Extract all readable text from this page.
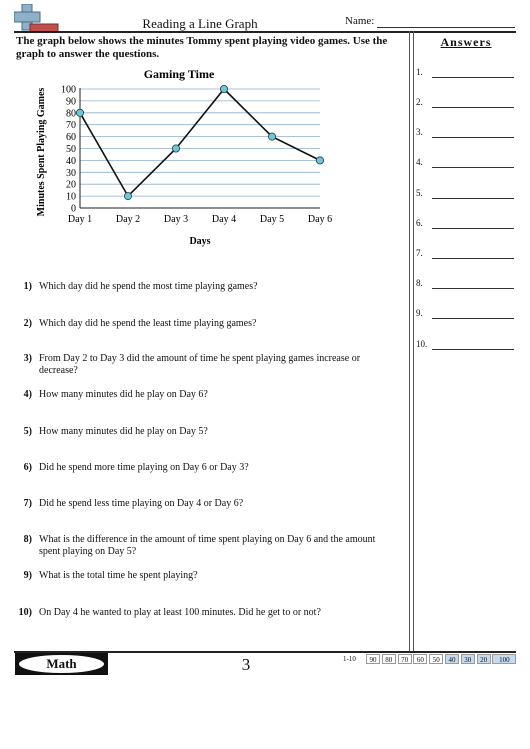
Reading a Line Graph	Name:
The graph below shows the minutes Tommy spent playing video games. Use the graph to answer the questions.
Answers
1.
2.
3.
4.
5.
6.
7.
8.
9.
10.
Gaming Time
Minutes Spent Playing Games
Days
0
10
20
30
40
50
60
70
80
90
100
Day 1 Day 2 Day 3 Day 4 Day 5 Day 6
1) Which day did he spend the most time playing games?
2) Which day did he spend the least time playing games?
3) From Day 2 to Day 3 did the amount of time he spent playing games increase or decrease?
4) How many minutes did he play on Day 6?
5) How many minutes did he play on Day 5?
6) Did he spend more time playing on Day 6 or Day 3?
7) Did he spend less time playing on Day 4 or Day 6?
8) What is the difference in the amount of time spent playing on Day 6 and the amount spent playing on Day 5?
9) What is the total time he spent playing?
10) On Day 4 he wanted to play at least 100 minutes. Did he get to or not?
Math	3	1-10	90	80	70	60	50	40	30	20	100
